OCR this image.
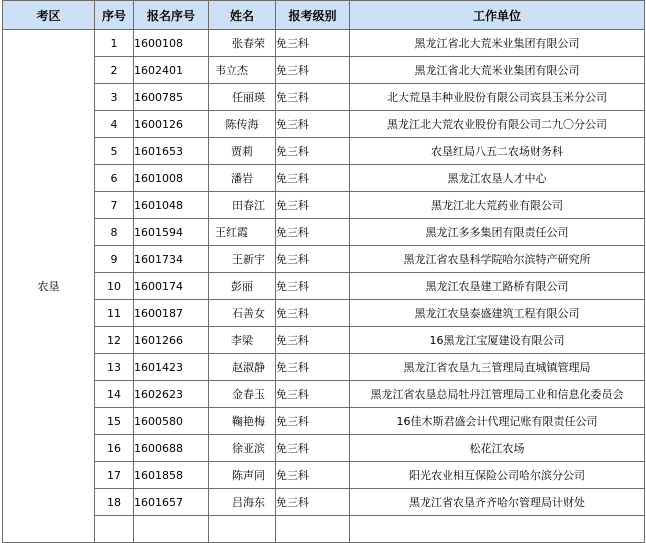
考区	序号	报名序号	姓名	报考级别	工作单位
农垦	1	1600108	张春荣	免三科	黑龙江省北大荒米业集团有限公司
	2	1602401	韦立杰	免三科	黑龙江省北大荒米业集团有限公司
	3	1600785	任丽瑛	免三科	北大荒垦丰种业股份有限公司宾县玉米分公司
	4	1600126	陈传海	免三科	黑龙江北大荒农业股份有限公司二九〇分公司
	5	1601653	贾莉	免三科	农垦红局八五二农场财务科
	6	1601008	潘岩	免三科	黑龙江农垦人才中心
	7	1601048	田春江	免三科	黑龙江北大荒药业有限公司
	8	1601594	王红霞	免三科	黑龙江多多集团有限责任公司
	9	1601734	王新宇	免三科	黑龙江省农垦科学院哈尔滨特产研究所
	10	1600174	彭丽	免三科	黑龙江农垦建工路桥有限公司
	11	1600187	石善女	免三科	黑龙江农垦泰盛建筑工程有限公司
	12	1601266	李梁	免三科	16黑龙江宝厦建设有限公司
	13	1601423	赵淑静	免三科	黑龙江省农垦九三管理局直城镇管理局
	14	1602623	金春玉	免三科	黑龙江省农垦总局牡丹江管理局工业和信息化委员会
	15	1600580	鞠艳梅	免三科	16佳木斯君盛会计代理记账有限责任公司
	16	1600688	徐亚滨	免三科	松花江农场
	17	1601858	陈声同	免三科	阳光农业相互保险公司哈尔滨分公司
	18	1601657	吕海东	免三科	黑龙江省农垦齐齐哈尔管理局计财处
